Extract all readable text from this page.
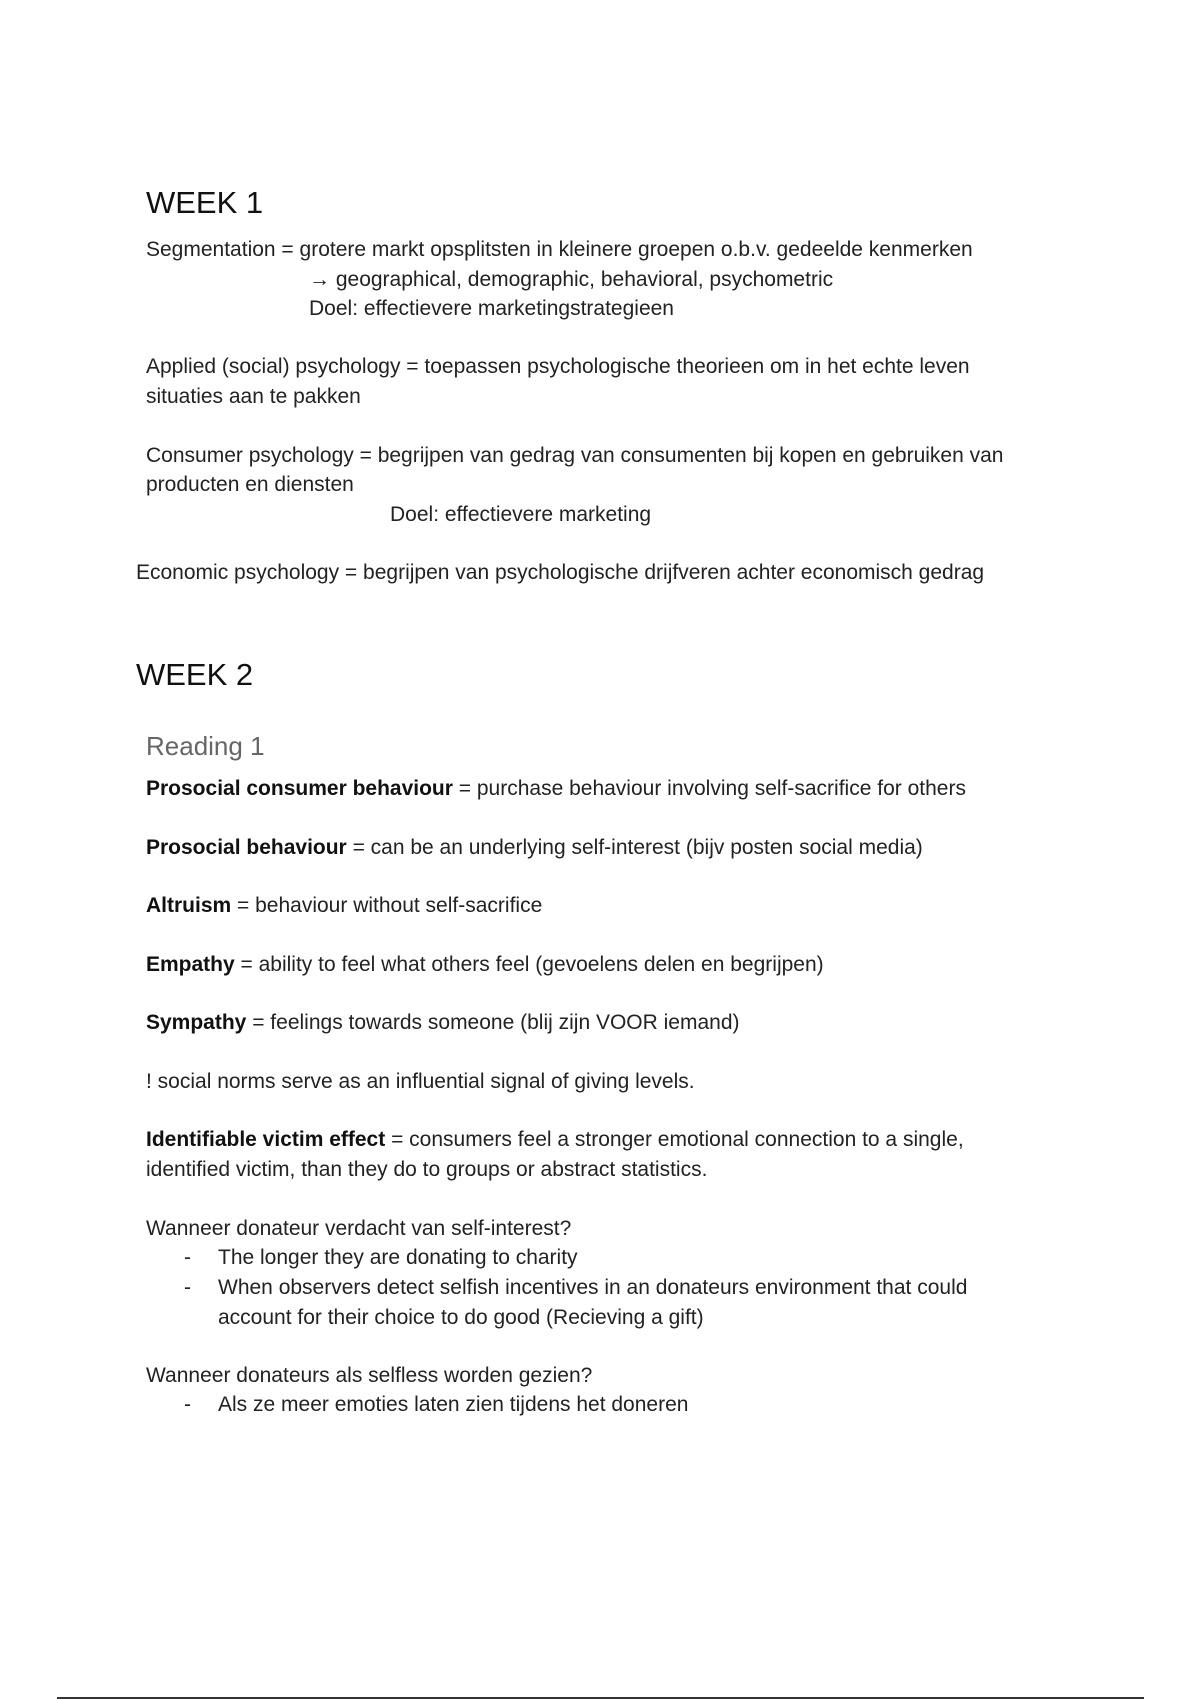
WEEK 1
Segmentation = grotere markt opsplitsten in kleinere groepen o.b.v. gedeelde kenmerken
→ geographical, demographic, behavioral, psychometric
Doel: effectievere marketingstrategieen
Applied (social) psychology = toepassen psychologische theorieen om in het echte leven
situaties aan te pakken
Consumer psychology = begrijpen van gedrag van consumenten bij kopen en gebruiken van
producten en diensten
Doel: effectievere marketing
Economic psychology = begrijpen van psychologische drijfveren achter economisch gedrag
WEEK 2
Reading 1
Prosocial consumer behaviour = purchase behaviour involving self-sacrifice for others
Prosocial behaviour = can be an underlying self-interest (bijv posten social media)
Altruism = behaviour without self-sacrifice
Empathy = ability to feel what others feel (gevoelens delen en begrijpen)
Sympathy = feelings towards someone (blij zijn VOOR iemand)
! social norms serve as an influential signal of giving levels.
Identifiable victim effect = consumers feel a stronger emotional connection to a single,
identified victim, than they do to groups or abstract statistics.
Wanneer donateur verdacht van self-interest?
- The longer they are donating to charity
- When observers detect selfish incentives in an donateurs environment that could
account for their choice to do good (Recieving a gift)
Wanneer donateurs als selfless worden gezien?
- Als ze meer emoties laten zien tijdens het doneren
